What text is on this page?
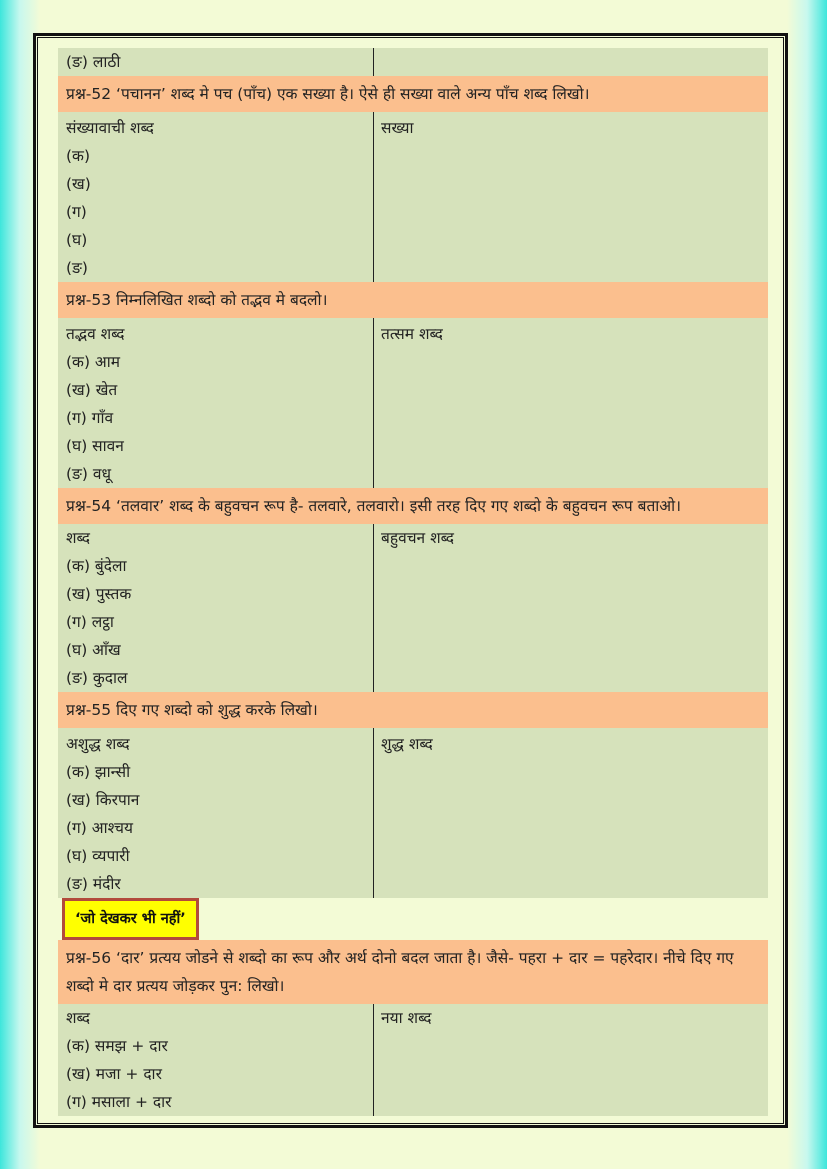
(ङ) लाठी
प्रश्न-52 ‘पचानन’ शब्द मे पच (पाँच) एक सख्या है। ऐसे ही सख्या वाले अन्य पाँच शब्द लिखो।
संख्यावाची शब्द	सख्या
(क)
(ख)
(ग)
(घ)
(ङ)
प्रश्न-53 निम्नलिखित शब्दो को तद्भव मे बदलो।
तद्भव शब्द	तत्सम शब्द
(क) आम
(ख) खेत
(ग) गाँव
(घ) सावन
(ङ) वधू
प्रश्न-54 ‘तलवार’ शब्द के बहुवचन रूप है- तलवारे, तलवारो। इसी तरह दिए गए शब्दो के बहुवचन रूप बताओ।
शब्द	बहुवचन शब्द
(क) बुंदेला
(ख) पुस्तक
(ग) लट्ठा
(घ) आँख
(ङ) कुदाल
प्रश्न-55 दिए गए शब्दो को शुद्ध करके लिखो।
अशुद्ध शब्द	शुद्ध शब्द
(क) झान्सी
(ख) किरपान
(ग) आश्चय
(घ) व्यपारी
(ङ) मंदीर
‘जो देखकर भी नहीं’
प्रश्न-56 ‘दार’ प्रत्यय जोडने से शब्दो का रूप और अर्थ दोनो बदल जाता है। जैसे- पहरा + दार = पहरेदार। नीचे दिए गए शब्दो मे दार प्रत्यय जोड़कर पुन: लिखो।
शब्द	नया शब्द
(क) समझ + दार
(ख) मजा + दार
(ग) मसाला + दार
